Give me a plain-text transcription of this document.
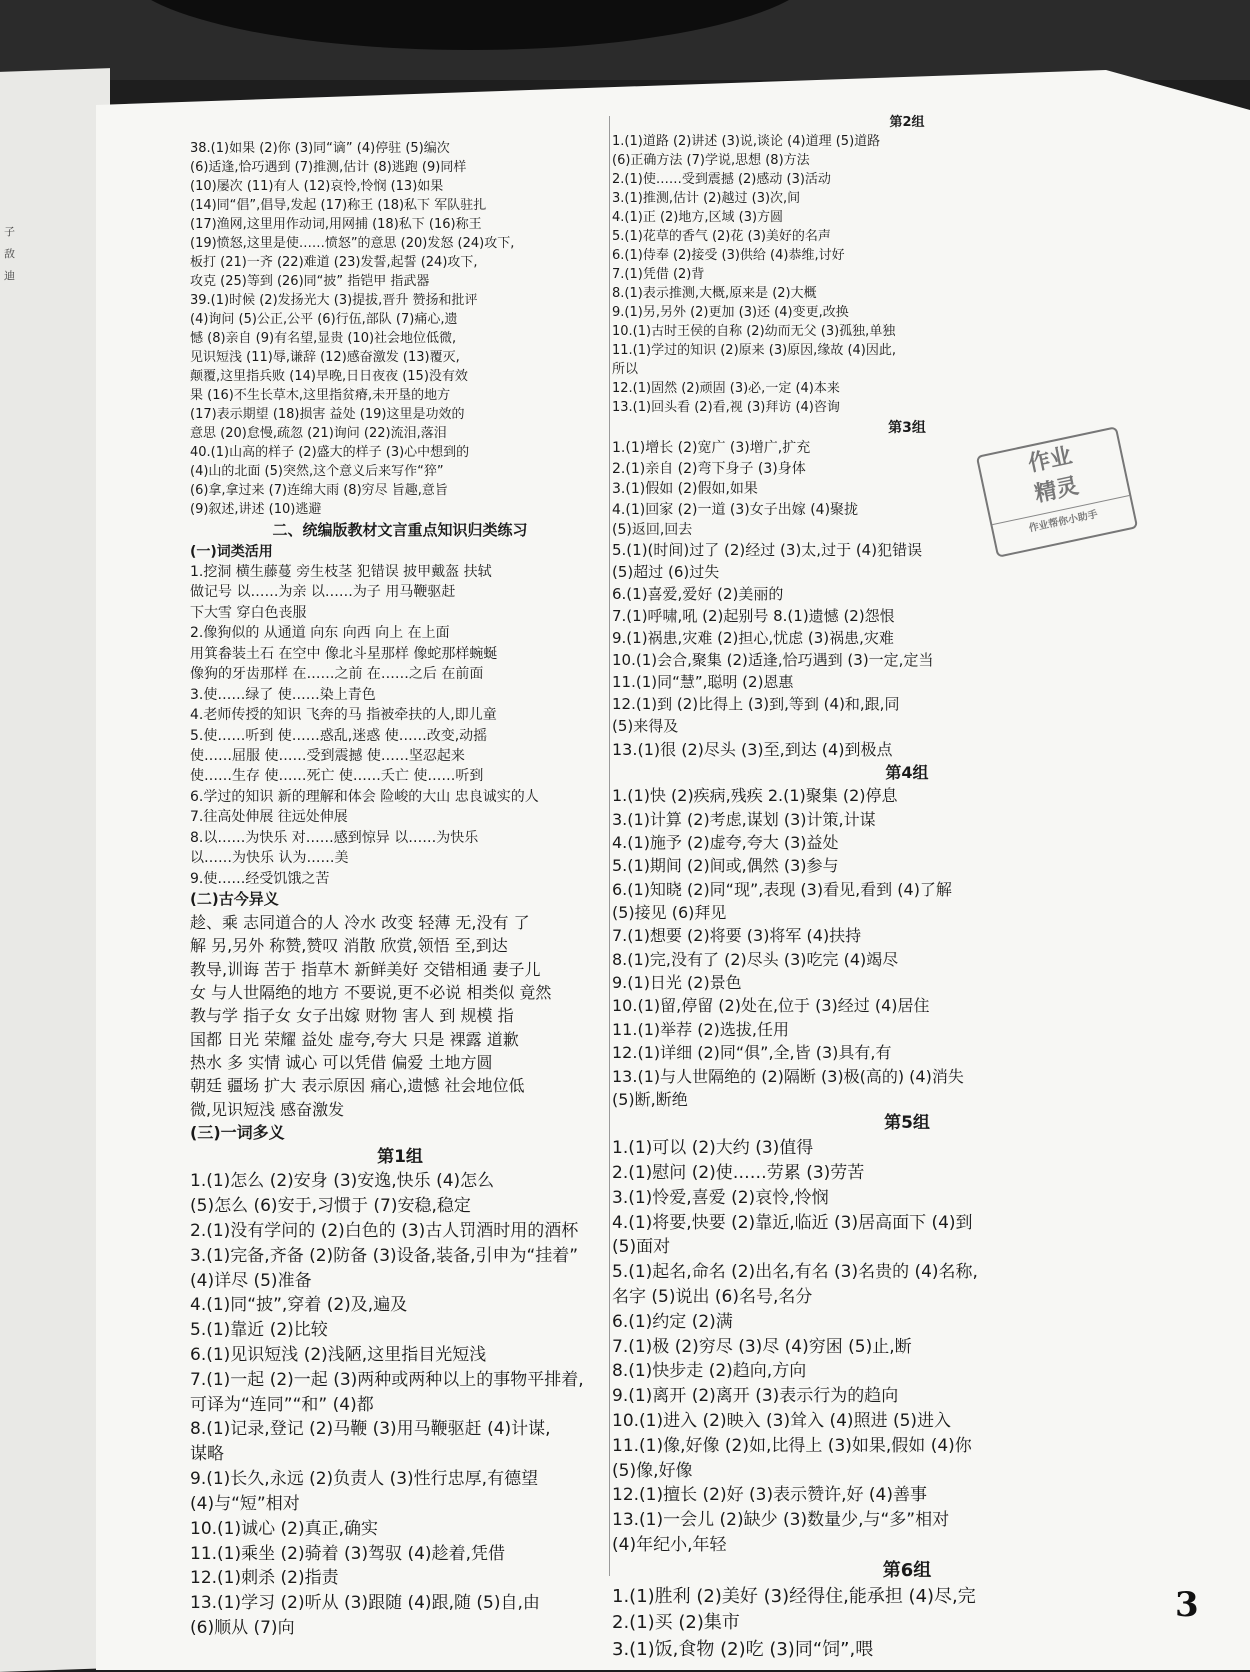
子
敌
迪
38.(1)如果 (2)你 (3)同“谪” (4)停驻 (5)编次
(6)适逢,恰巧遇到 (7)推测,估计 (8)逃跑 (9)同样
(10)屡次 (11)有人 (12)哀怜,怜悯 (13)如果
(14)同“倡”,倡导,发起 (17)称王 (18)私下 军队驻扎
(17)渔网,这里用作动词,用网捕 (18)私下 (16)称王
(19)愤怒,这里是使……愤怒”的意思 (20)发怒 (24)攻下,
板打 (21)一齐 (22)难道 (23)发誓,起誓 (24)攻下,
攻克 (25)等到 (26)同“披” 指铠甲 指武器
39.(1)时候 (2)发扬光大 (3)提拔,晋升 赞扬和批评
(4)询问 (5)公正,公平 (6)行伍,部队 (7)痛心,遗
憾 (8)亲自 (9)有名望,显贵 (10)社会地位低微,
见识短浅 (11)辱,谦辞 (12)感奋激发 (13)覆灭,
颠覆,这里指兵败 (14)早晚,日日夜夜 (15)没有效
果 (16)不生长草木,这里指贫瘠,未开垦的地方
(17)表示期望 (18)损害 益处 (19)这里是功效的
意思 (20)怠慢,疏忽 (21)询问 (22)流泪,落泪
40.(1)山高的样子 (2)盛大的样子 (3)心中想到的
(4)山的北面 (5)突然,这个意义后来写作“猝”
(6)拿,拿过来 (7)连绵大雨 (8)穷尽 旨趣,意旨
(9)叙述,讲述 (10)逃避
二、统编版教材文言重点知识归类练习
(一)词类活用
1.挖洞 横生藤蔓 旁生枝茎 犯错误 披甲戴盔 扶轼
做记号 以……为亲 以……为子 用马鞭驱赶
下大雪 穿白色丧服
2.像狗似的 从通道 向东 向西 向上 在上面
用箕畚装土石 在空中 像北斗星那样 像蛇那样蜿蜒
像狗的牙齿那样 在……之前 在……之后 在前面
3.使……绿了 使……染上青色
4.老师传授的知识 飞奔的马 指被牵扶的人,即儿童
5.使……听到 使……惑乱,迷惑 使……改变,动摇
使……屈服 使……受到震撼 使……坚忍起来
使……生存 使……死亡 使……夭亡 使……听到
6.学过的知识 新的理解和体会 险峻的大山 忠良诚实的人
7.往高处伸展 往远处伸展
8.以……为快乐 对……感到惊异 以……为快乐
以……为快乐 认为……美
9.使……经受饥饿之苦
(二)古今异义
趁、乘 志同道合的人 冷水 改变 轻薄 无,没有 了
解 另,另外 称赞,赞叹 消散 欣赏,领悟 至,到达
教导,训诲 苦于 指草木 新鲜美好 交错相通 妻子儿
女 与人世隔绝的地方 不要说,更不必说 相类似 竟然
教与学 指子女 女子出嫁 财物 害人 到 规模 指
国都 日光 荣耀 益处 虚夸,夸大 只是 裸露 道歉
热水 多 实情 诚心 可以凭借 偏爱 土地方圆
朝廷 疆场 扩大 表示原因 痛心,遗憾 社会地位低
微,见识短浅 感奋激发
(三)一词多义
第1组
1.(1)怎么 (2)安身 (3)安逸,快乐 (4)怎么
(5)怎么 (6)安于,习惯于 (7)安稳,稳定
2.(1)没有学问的 (2)白色的 (3)古人罚酒时用的酒杯
3.(1)完备,齐备 (2)防备 (3)设备,装备,引申为“挂着”
(4)详尽 (5)准备
4.(1)同“披”,穿着 (2)及,遍及
5.(1)靠近 (2)比较
6.(1)见识短浅 (2)浅陋,这里指目光短浅
7.(1)一起 (2)一起 (3)两种或两种以上的事物平排着,
可译为“连同”“和” (4)都
8.(1)记录,登记 (2)马鞭 (3)用马鞭驱赶 (4)计谋,
谋略
9.(1)长久,永远 (2)负责人 (3)性行忠厚,有德望
(4)与“短”相对
10.(1)诚心 (2)真正,确实
11.(1)乘坐 (2)骑着 (3)驾驭 (4)趁着,凭借
12.(1)刺杀 (2)指责
13.(1)学习 (2)听从 (3)跟随 (4)跟,随 (5)自,由
(6)顺从 (7)向
第2组
1.(1)道路 (2)讲述 (3)说,谈论 (4)道理 (5)道路
(6)正确方法 (7)学说,思想 (8)方法
2.(1)使……受到震撼 (2)感动 (3)活动
3.(1)推测,估计 (2)越过 (3)次,间
4.(1)正 (2)地方,区域 (3)方圆
5.(1)花草的香气 (2)花 (3)美好的名声
6.(1)侍奉 (2)接受 (3)供给 (4)恭维,讨好
7.(1)凭借 (2)背
8.(1)表示推测,大概,原来是 (2)大概
9.(1)另,另外 (2)更加 (3)还 (4)变更,改换
10.(1)古时王侯的自称 (2)幼而无父 (3)孤独,单独
11.(1)学过的知识 (2)原来 (3)原因,缘故 (4)因此,
所以
12.(1)固然 (2)顽固 (3)必,一定 (4)本来
13.(1)回头看 (2)看,视 (3)拜访 (4)咨询
第3组
1.(1)增长 (2)宽广 (3)增广,扩充
2.(1)亲自 (2)弯下身子 (3)身体
3.(1)假如 (2)假如,如果
4.(1)回家 (2)一道 (3)女子出嫁 (4)聚拢
(5)返回,回去
5.(1)(时间)过了 (2)经过 (3)太,过于 (4)犯错误
(5)超过 (6)过失
6.(1)喜爱,爱好 (2)美丽的
7.(1)呼啸,吼 (2)起别号 8.(1)遗憾 (2)怨恨
9.(1)祸患,灾难 (2)担心,忧虑 (3)祸患,灾难
10.(1)会合,聚集 (2)适逢,恰巧遇到 (3)一定,定当
11.(1)同“慧”,聪明 (2)恩惠
12.(1)到 (2)比得上 (3)到,等到 (4)和,跟,同
(5)来得及
13.(1)很 (2)尽头 (3)至,到达 (4)到极点
第4组
1.(1)快 (2)疾病,残疾 2.(1)聚集 (2)停息
3.(1)计算 (2)考虑,谋划 (3)计策,计谋
4.(1)施予 (2)虚夸,夸大 (3)益处
5.(1)期间 (2)间或,偶然 (3)参与
6.(1)知晓 (2)同“现”,表现 (3)看见,看到 (4)了解
(5)接见 (6)拜见
7.(1)想要 (2)将要 (3)将军 (4)扶持
8.(1)完,没有了 (2)尽头 (3)吃完 (4)竭尽
9.(1)日光 (2)景色
10.(1)留,停留 (2)处在,位于 (3)经过 (4)居住
11.(1)举荐 (2)选拔,任用
12.(1)详细 (2)同“俱”,全,皆 (3)具有,有
13.(1)与人世隔绝的 (2)隔断 (3)极(高的) (4)消失
(5)断,断绝
第5组
1.(1)可以 (2)大约 (3)值得
2.(1)慰问 (2)使……劳累 (3)劳苦
3.(1)怜爱,喜爱 (2)哀怜,怜悯
4.(1)将要,快要 (2)靠近,临近 (3)居高面下 (4)到
(5)面对
5.(1)起名,命名 (2)出名,有名 (3)名贵的 (4)名称,
名字 (5)说出 (6)名号,名分
6.(1)约定 (2)满
7.(1)极 (2)穷尽 (3)尽 (4)穷困 (5)止,断
8.(1)快步走 (2)趋向,方向
9.(1)离开 (2)离开 (3)表示行为的趋向
10.(1)进入 (2)映入 (3)耸入 (4)照进 (5)进入
11.(1)像,好像 (2)如,比得上 (3)如果,假如 (4)你
(5)像,好像
12.(1)擅长 (2)好 (3)表示赞许,好 (4)善事
13.(1)一会儿 (2)缺少 (3)数量少,与“多”相对
(4)年纪小,年轻
第6组
1.(1)胜利 (2)美好 (3)经得住,能承担 (4)尽,完
2.(1)买 (2)集市
3.(1)饭,食物 (2)吃 (3)同“饲”,喂
作业
精灵
作业帮你小助手
3
